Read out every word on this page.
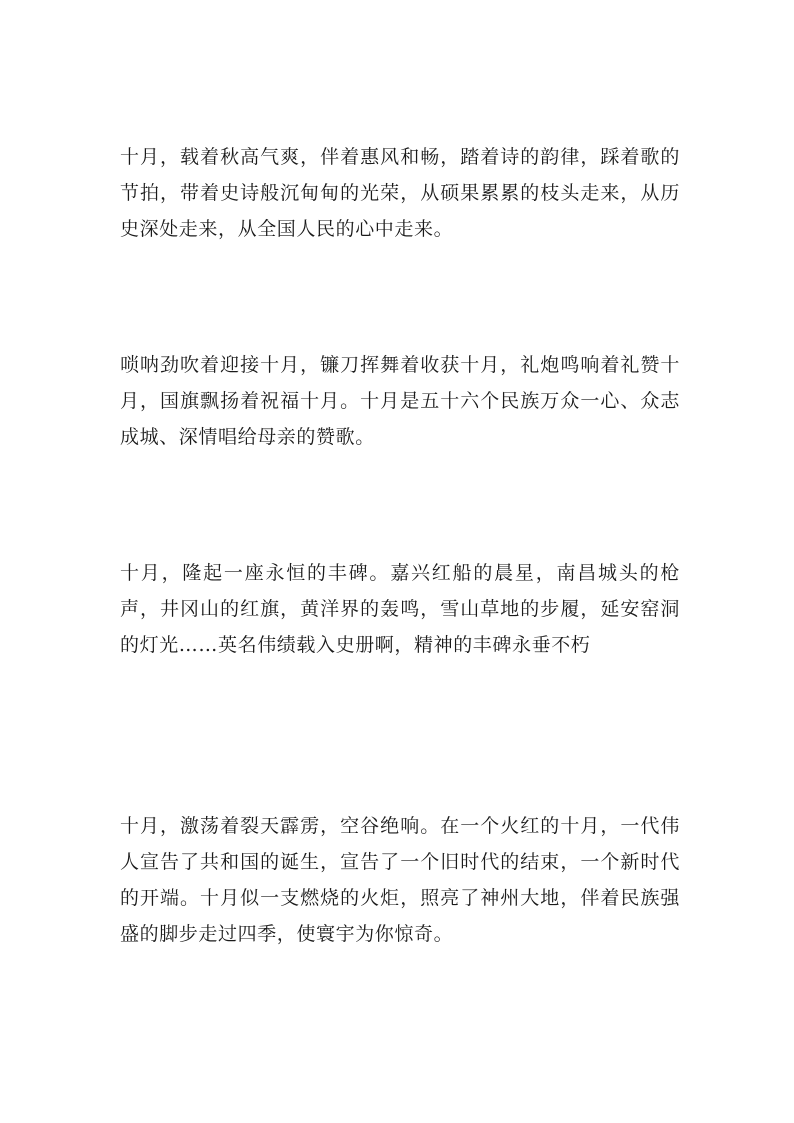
十月，载着秋高气爽，伴着惠风和畅，踏着诗的韵律，踩着歌的节拍，带着史诗般沉甸甸的光荣，从硕果累累的枝头走来，从历史深处走来，从全国人民的心中走来。

唢呐劲吹着迎接十月，镰刀挥舞着收获十月，礼炮鸣响着礼赞十月，国旗飘扬着祝福十月。十月是五十六个民族万众一心、众志成城、深情唱给母亲的赞歌。

十月，隆起一座永恒的丰碑。嘉兴红船的晨星，南昌城头的枪声，井冈山的红旗，黄洋界的轰鸣，雪山草地的步履，延安窑洞的灯光……英名伟绩载入史册啊，精神的丰碑永垂不朽

十月，激荡着裂天霹雳，空谷绝响。在一个火红的十月，一代伟人宣告了共和国的诞生，宣告了一个旧时代的结束，一个新时代的开端。十月似一支燃烧的火炬，照亮了神州大地，伴着民族强盛的脚步走过四季，使寰宇为你惊奇。
